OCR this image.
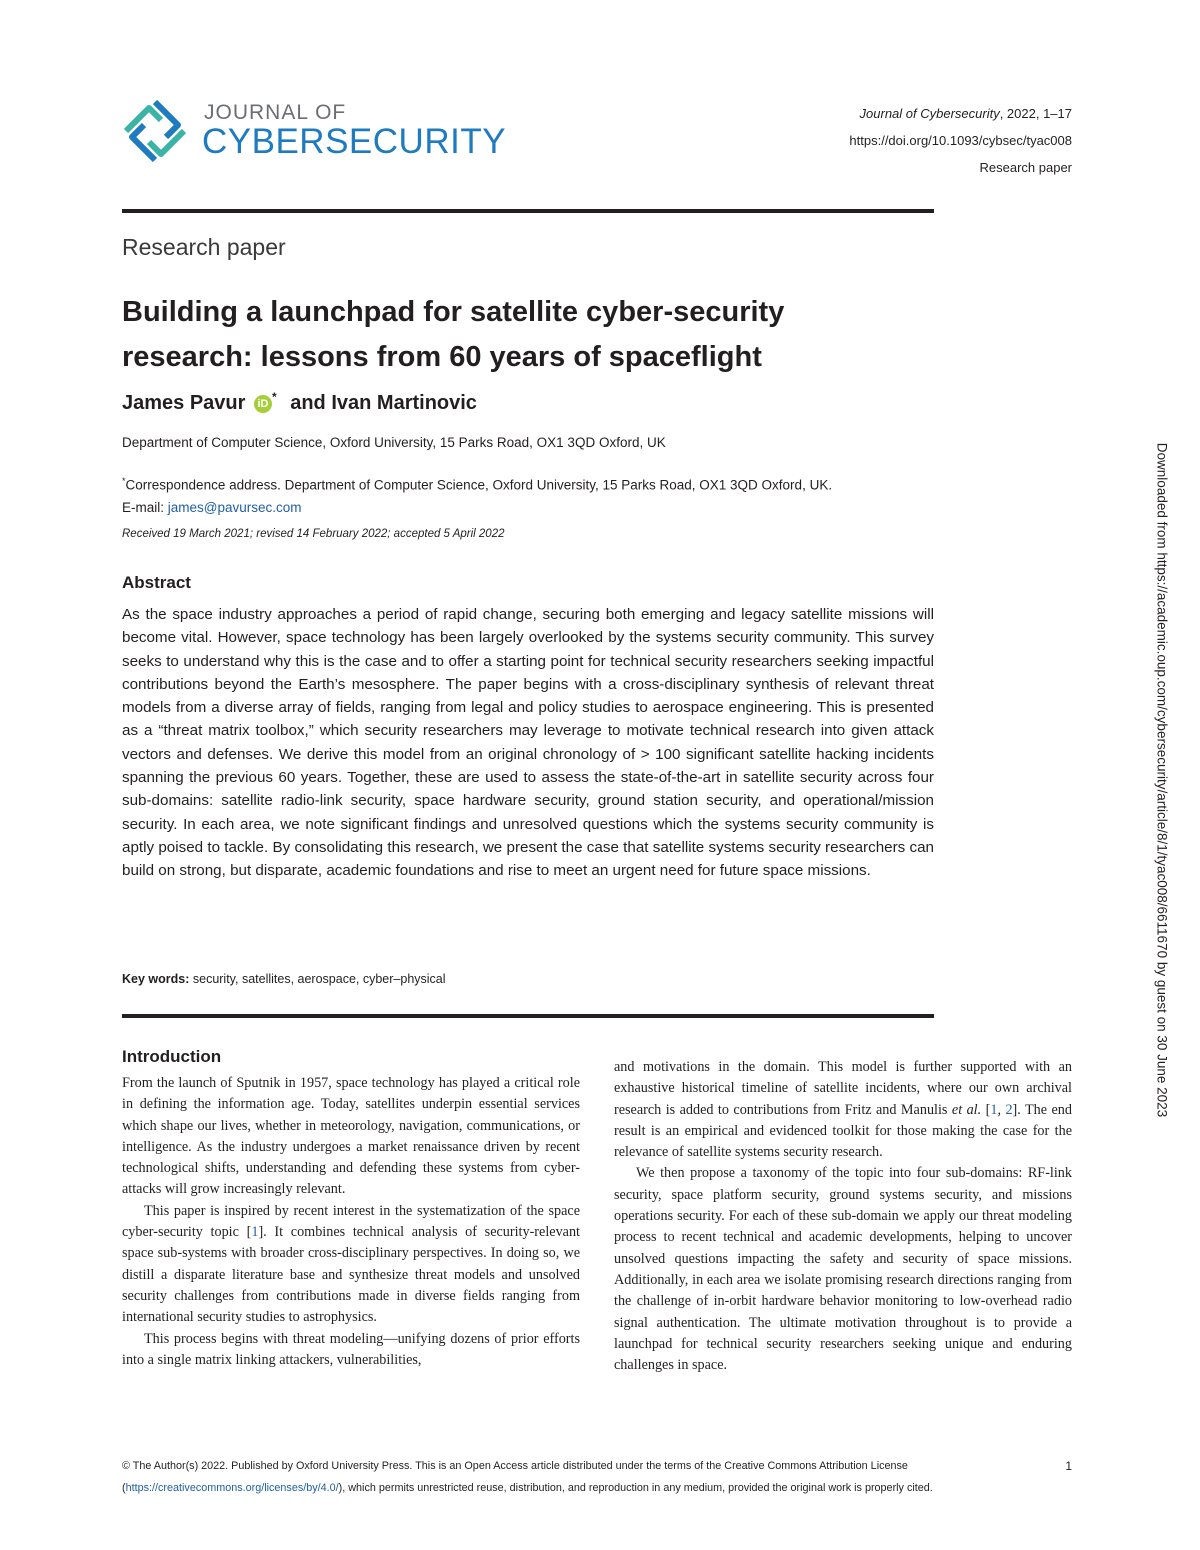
JOURNAL OF
CYBERSECURITY
Journal of Cybersecurity, 2022, 1–17
https://doi.org/10.1093/cybsec/tyac008
Research paper
Research paper
Building a launchpad for satellite cyber-security
research: lessons from 60 years of spaceflight
James Pavur iD * and Ivan Martinovic
Department of Computer Science, Oxford University, 15 Parks Road, OX1 3QD Oxford, UK
*Correspondence address. Department of Computer Science, Oxford University, 15 Parks Road, OX1 3QD Oxford, UK.
E-mail: james@pavursec.com
Received 19 March 2021; revised 14 February 2022; accepted 5 April 2022
Abstract
As the space industry approaches a period of rapid change, securing both emerging and legacy satellite missions will become vital. However, space technology has been largely overlooked by the systems security community. This survey seeks to understand why this is the case and to offer a starting point for technical security researchers seeking impactful contributions beyond the Earth’s mesosphere. The paper begins with a cross-disciplinary synthesis of relevant threat models from a diverse array of fields, ranging from legal and policy studies to aerospace engineering. This is presented as a “threat matrix toolbox,” which security researchers may leverage to motivate technical research into given attack vectors and defenses. We derive this model from an original chronology of > 100 significant satellite hacking incidents spanning the previous 60 years. Together, these are used to assess the state-of-the-art in satellite security across four sub-domains: satellite radio-link security, space hardware security, ground station security, and operational/mission security. In each area, we note significant findings and unresolved questions which the systems security community is aptly poised to tackle. By consolidating this research, we present the case that satellite systems security researchers can build on strong, but disparate, academic foundations and rise to meet an urgent need for future space missions.
Key words: security, satellites, aerospace, cyber–physical
Introduction

From the launch of Sputnik in 1957, space technology has played a critical role in defining the information age. Today, satellites underpin essential services which shape our lives, whether in meteorology, navigation, communications, or intelligence. As the industry undergoes a market renaissance driven by recent technological shifts, understanding and defending these systems from cyber-attacks will grow increasingly relevant.

This paper is inspired by recent interest in the systematization of the space cyber-security topic [1]. It combines technical analysis of security-relevant space sub-systems with broader cross-disciplinary perspectives. In doing so, we distill a disparate literature base and synthesize threat models and unsolved security challenges from contributions made in diverse fields ranging from international security studies to astrophysics.

This process begins with threat modeling—unifying dozens of prior efforts into a single matrix linking attackers, vulnerabilities,

and motivations in the domain. This model is further supported with an exhaustive historical timeline of satellite incidents, where our own archival research is added to contributions from Fritz and Manulis et al. [1, 2]. The end result is an empirical and evidenced toolkit for those making the case for the relevance of satellite systems security research.

We then propose a taxonomy of the topic into four sub-domains: RF-link security, space platform security, ground systems security, and missions operations security. For each of these sub-domain we apply our threat modeling process to recent technical and academic developments, helping to uncover unsolved questions impacting the safety and security of space missions. Additionally, in each area we isolate promising research directions ranging from the challenge of in-orbit hardware behavior monitoring to low-overhead radio signal authentication. The ultimate motivation throughout is to provide a launchpad for technical security researchers seeking unique and enduring challenges in space.

© The Author(s) 2022. Published by Oxford University Press. This is an Open Access article distributed under the terms of the Creative Commons Attribution License
(https://creativecommons.org/licenses/by/4.0/), which permits unrestricted reuse, distribution, and reproduction in any medium, provided the original work is properly cited.
1
Downloaded from https://academic.oup.com/cybersecurity/article/8/1/tyac008/6611670 by guest on 30 June 2023
